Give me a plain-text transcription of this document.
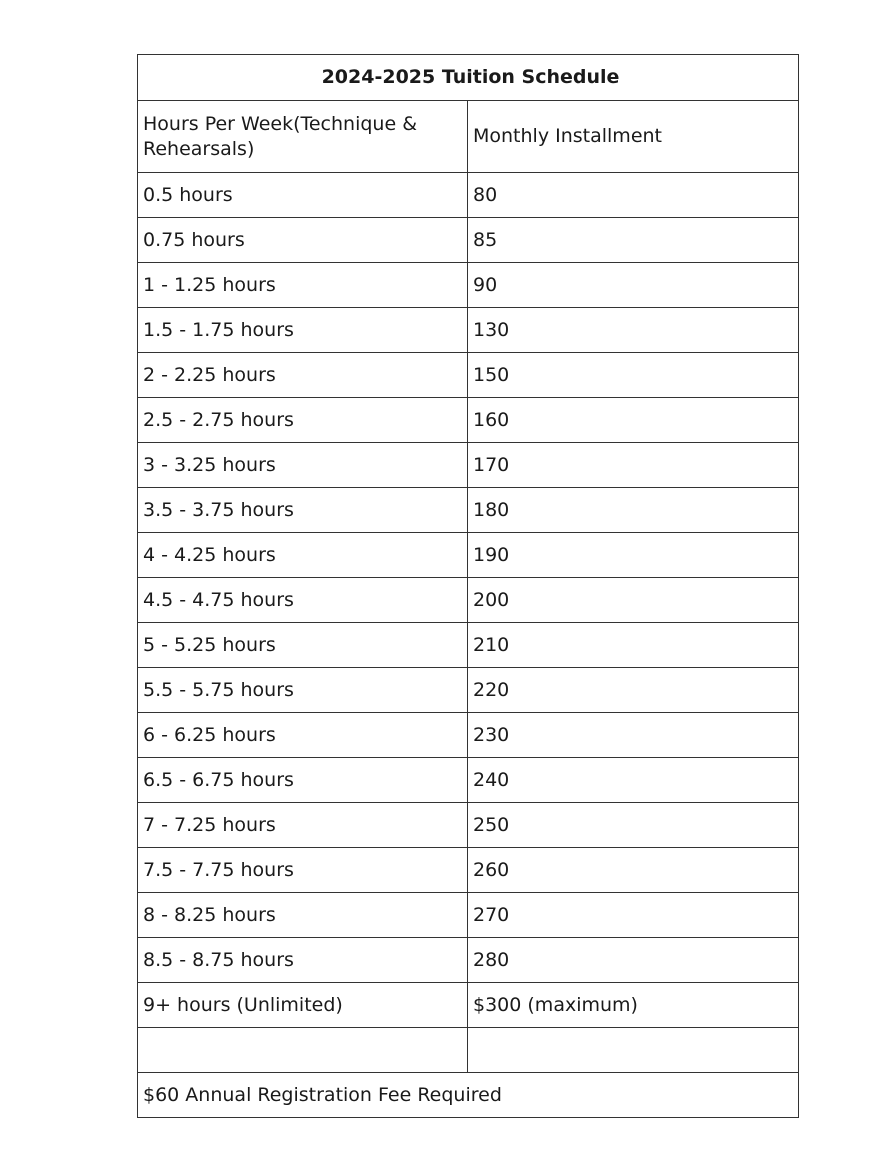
2024-2025 Tuition Schedule	
Hours Per Week(Technique & Rehearsals)	Monthly Installment
0.5 hours	80
0.75 hours	85
1 - 1.25 hours	90
1.5 - 1.75 hours	130
2 - 2.25 hours	150
2.5 - 2.75 hours	160
3 - 3.25 hours	170
3.5 - 3.75 hours	180
4 - 4.25 hours	190
4.5 - 4.75 hours	200
5 - 5.25 hours	210
5.5 - 5.75 hours	220
6 - 6.25 hours	230
6.5 - 6.75 hours	240
7 - 7.25 hours	250
7.5 - 7.75 hours	260
8 - 8.25 hours	270
8.5 - 8.75 hours	280
9+ hours (Unlimited)	$300 (maximum)

$60 Annual Registration Fee Required	
